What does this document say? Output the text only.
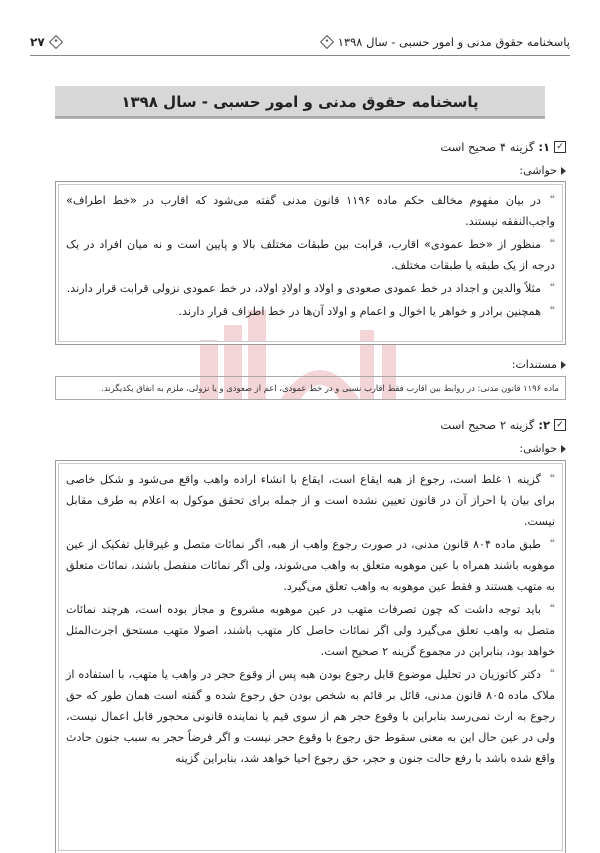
پاسخنامه حقوق مدنی و امور حسبی - سال ۱۳۹۸
۲۷
پاسخنامه حقوق مدنی و امور حسبی - سال ۱۳۹۸
✓
۱:
گزینه ۴ صحیح است
حواشی:

❝در بیان مفهوم مخالف حکم ماده ۱۱۹۶ قانون مدنی گفته می‌شود که اقارب در «خط اطراف» واجب‌النفقه نیستند.

❝منظور از «خط عمودی» اقارب، قرابت بین طبقات مختلف بالا و پایین است و نه میان افراد در یک درجه از یک طبقه یا طبقات مختلف.

❝مثلاً والدین و اجداد در خط عمودی صعودی و اولاد و اولادِ اولاد، در خط عمودی نزولی قرابت قرار دارند.

❝همچنین برادر و خواهر یا اخوال و اعمام و اولاد آن‌ها در خط اطراف قرار دارند.

مستندات:
ماده ۱۱۹۶ قانون مدنی: در روابط بین اقارب فقط اقارب نسبی و در خط عمودی، اعم از صعودی و یا نزولی، ملزم به انفاق یکدیگرند.
✓
۲:
گزینه ۲ صحیح است
حواشی:

❝گزینه ۱ غلط است، رجوع از هبه ایقاع است، ایقاع با انشاء اراده واهب واقع می‌شود و شکل خاصی برای بیان یا احراز آن در قانون تعیین نشده است و از جمله برای تحقق موکول به اعلام به طرف مقابل نیست.

❝طبق ماده ۸۰۴ قانون مدنی، در صورت رجوع واهب از هبه، اگر نمائات متصل و غیرقابل تفکیک از عین موهوبه باشند همراه با عین موهوبه متعلق به واهب می‌شوند، ولی اگر نمائات منفصل باشند، نمائات متعلق به متهب هستند و فقط عین موهوبه به واهب تعلق می‌گیرد.

❝باید توجه داشت که چون تصرفات متهب در عین موهوبه مشروع و مجاز بوده است، هرچند نمائات متصل به واهب تعلق می‌گیرد ولی اگر نمائات حاصل کار متهب باشند، اصولا متهب مستحق اجرت‌المثل خواهد بود، بنابراین در مجموع گزینه ۲ صحیح است.

❝دکتر کاتوزیان در تحلیل موضوع قابل رجوع بودن هبه پس از وقوع حجر در واهب یا متهب، با استفاده از ملاک ماده ۸۰۵ قانون مدنی، قائل بر قائم به شخص بودن حق رجوع شده و گفته است همان طور که حق رجوع به ارث نمی‌رسد بنابراین با وقوع حجر هم از سوی قیم یا نماینده قانونی محجور قابل اعمال نیست، ولی در عین حال این به معنی سقوط حق رجوع با وقوع حجر نیست و اگر فرضاً حجر به سبب جنون حادث واقع شده باشد با رفع حالت جنون و حجر، حق رجوع احیا خواهد شد، بنابراین گزینه
